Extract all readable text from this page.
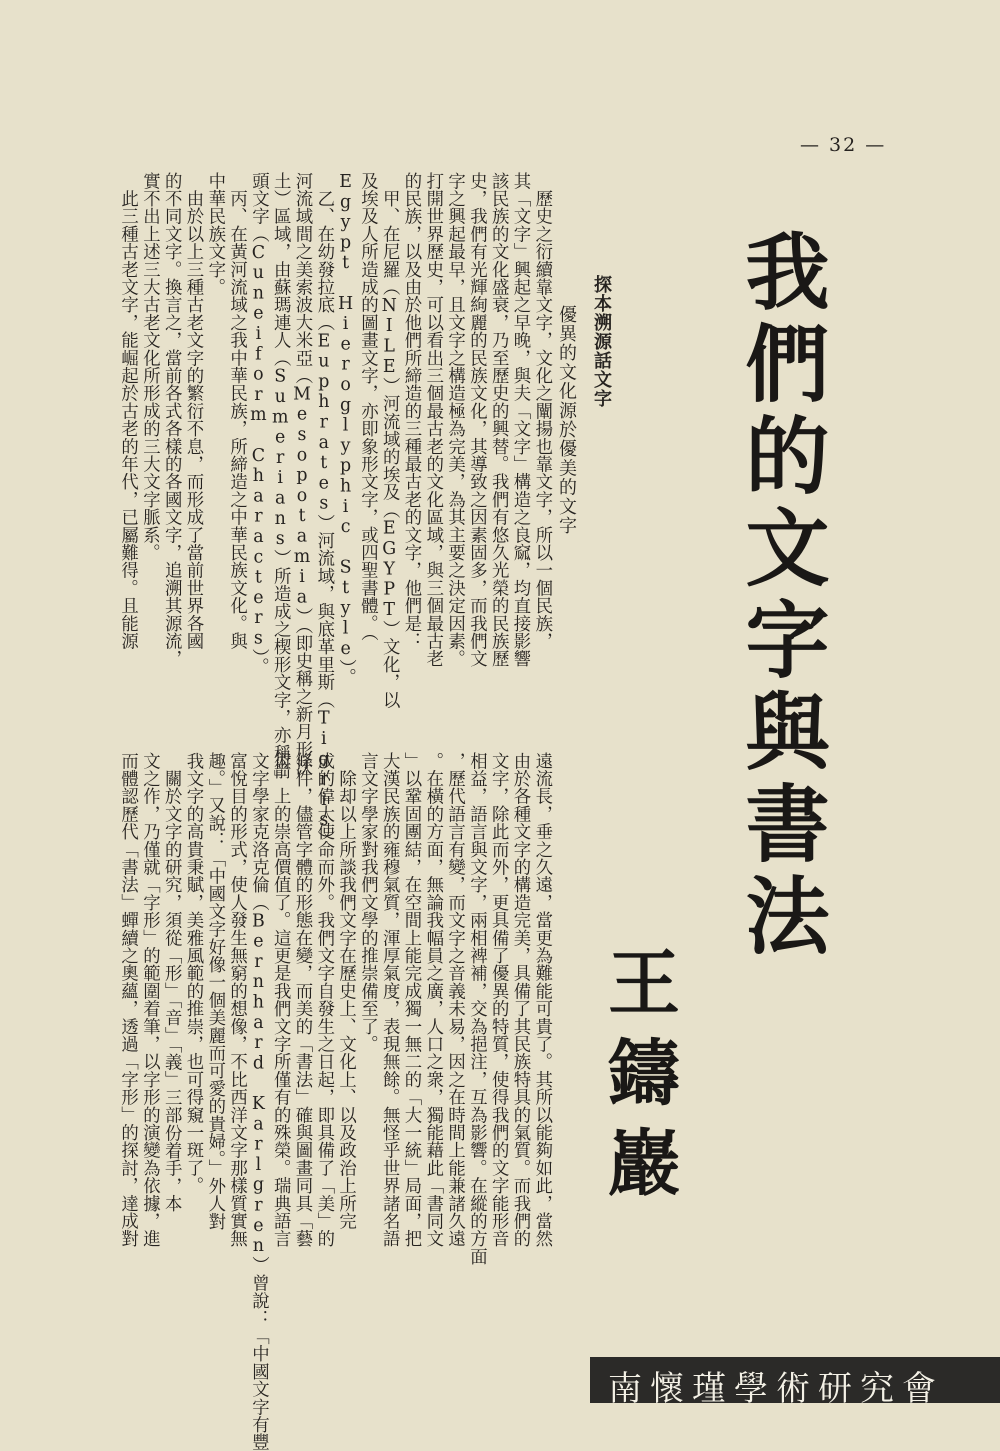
— 32 —
我們的文字與書法
王鑄巖
探本溯源話文字
優異的文化源於優美的文字
　歷史之衍續靠文字，文化之闡揚也靠文字，所以一個民族，
其「文字」興起之早晚，與夫「文字」構造之良窳，均直接影響
該民族的文化盛衰，乃至歷史的興替。我們有悠久光榮的民族歷
史，我們有光輝絢麗的民族文化，其導致之因素固多，而我們文
字之興起最早，且文字之構造極為完美，為其主要之決定因素。
打開世界歷史，可以看出三個最古老的文化區域，與三個最古老
的民族，以及由於他們所締造的三種最古老的文字，他們是：
　甲、在尼羅（NILE）河流域的埃及（EGYPT）文化，以
及埃及人所造成的圖畫文字，亦即象形文字，或四聖書體。（
Egypt Hieroglyphic Style）。
　乙、在幼發拉底（Euphrates）河流域，與底革里斯（Tigris）
河流域間之美索波大米亞（Mesopotamia）（即史稱之新月形沃
土）區域，由蘇瑪連人（Sumerians）所造成之楔形文字，亦稱箭
頭文字（Cuneiform Characters）。
　丙、在黃河流域之我中華民族，所締造之中華民族文化。與
中華民族文字。
　由於以上三種古老文字的繁衍不息，而形成了當前世界各國
的不同文字。換言之，當前各式各樣的各國文字，追溯其源流，
實不出上述三大古老文化所形成的三大文字脈系。
　此三種古老文字，能崛起於古老的年代，已屬難得。且能源
遠流長，垂之久遠，當更為難能可貴了。其所以能夠如此，當然
由於各種文字的構造完美，具備了其民族特具的氣質。而我們的
文字，除此而外，更具備了優異的特質，使得我們的文字能形音
相益，語言與文字，兩相裨補，交為挹注，互為影響。在縱的方面
，歷代語言有變，而文字之音義未易，因之在時間上能兼諸久遠
。在橫的方面，無論我幅員之廣，人口之衆，獨能藉此「書同文
」以鞏固團結，在空間上能完成獨一無二的「大一統」局面，把
大漢民族的雍穆氣質，渾厚氣度，表現無餘。無怪乎世界諸名語
言文字學家對我們文學的推崇備至了。
　除却以上所談我們文字在歷史上、文化上、以及政治上所完
成的偉大使命而外。我們文字自發生之日起，即具備了「美」的
條件，儘管字體的形態在變，而美的「書法」確與圖畫同具「藝
術」上的崇高價值了。這更是我們文字所僅有的殊榮。瑞典語言
文字學家克洛克倫（Bernhard Karlgren）曾說：「中國文字有豐
富悅目的形式，使人發生無窮的想像，不比西洋文字那樣質實無
趣。」又說：「中國文字好像一個美麗而可愛的貴婦。」外人對
我文字的高貴秉賦，美雅風範的推崇，也可得窺一斑了。
　關於文字的研究，須從「形」「音」「義」三部份着手，本
文之作，乃僅就「字形」的範圍着筆，以字形的演變為依據，進
而體認歷代「書法」蟬續之奧蘊，透過「字形」的探討，達成對
南懷瑾學術研究會
